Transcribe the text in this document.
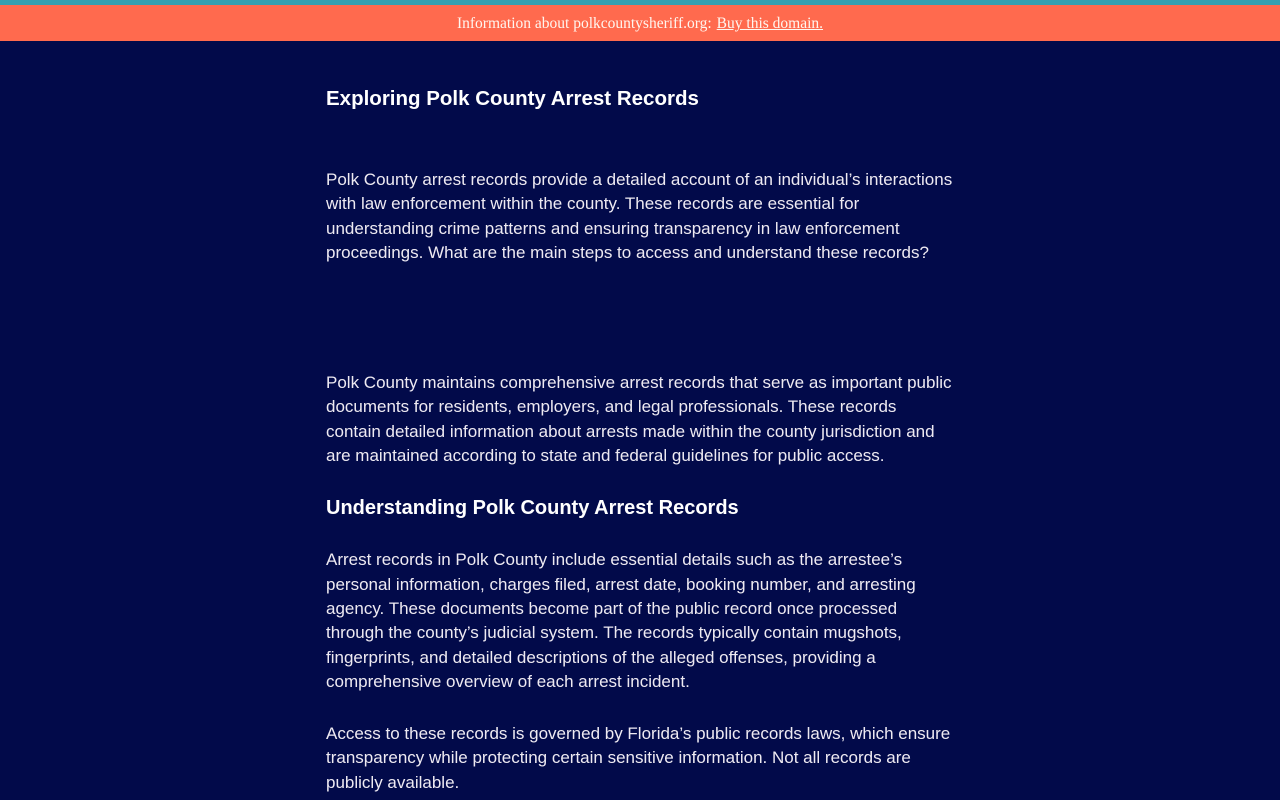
Information about polkcountysheriff.org: Buy this domain.
Exploring Polk County Arrest Records

Polk County arrest records provide a detailed account of an individual’s interactions with law enforcement within the county. These records are essential for understanding crime patterns and ensuring transparency in law enforcement proceedings. What are the main steps to access and understand these records?

Polk County maintains comprehensive arrest records that serve as important public documents for residents, employers, and legal professionals. These records contain detailed information about arrests made within the county jurisdiction and are maintained according to state and federal guidelines for public access.

Understanding Polk County Arrest Records

Arrest records in Polk County include essential details such as the arrestee’s personal information, charges filed, arrest date, booking number, and arresting agency. These documents become part of the public record once processed through the county’s judicial system. The records typically contain mugshots, fingerprints, and detailed descriptions of the alleged offenses, providing a comprehensive overview of each arrest incident.

Access to these records is governed by Florida’s public records laws, which ensure transparency while protecting certain sensitive information. Not all records are publicly available.
